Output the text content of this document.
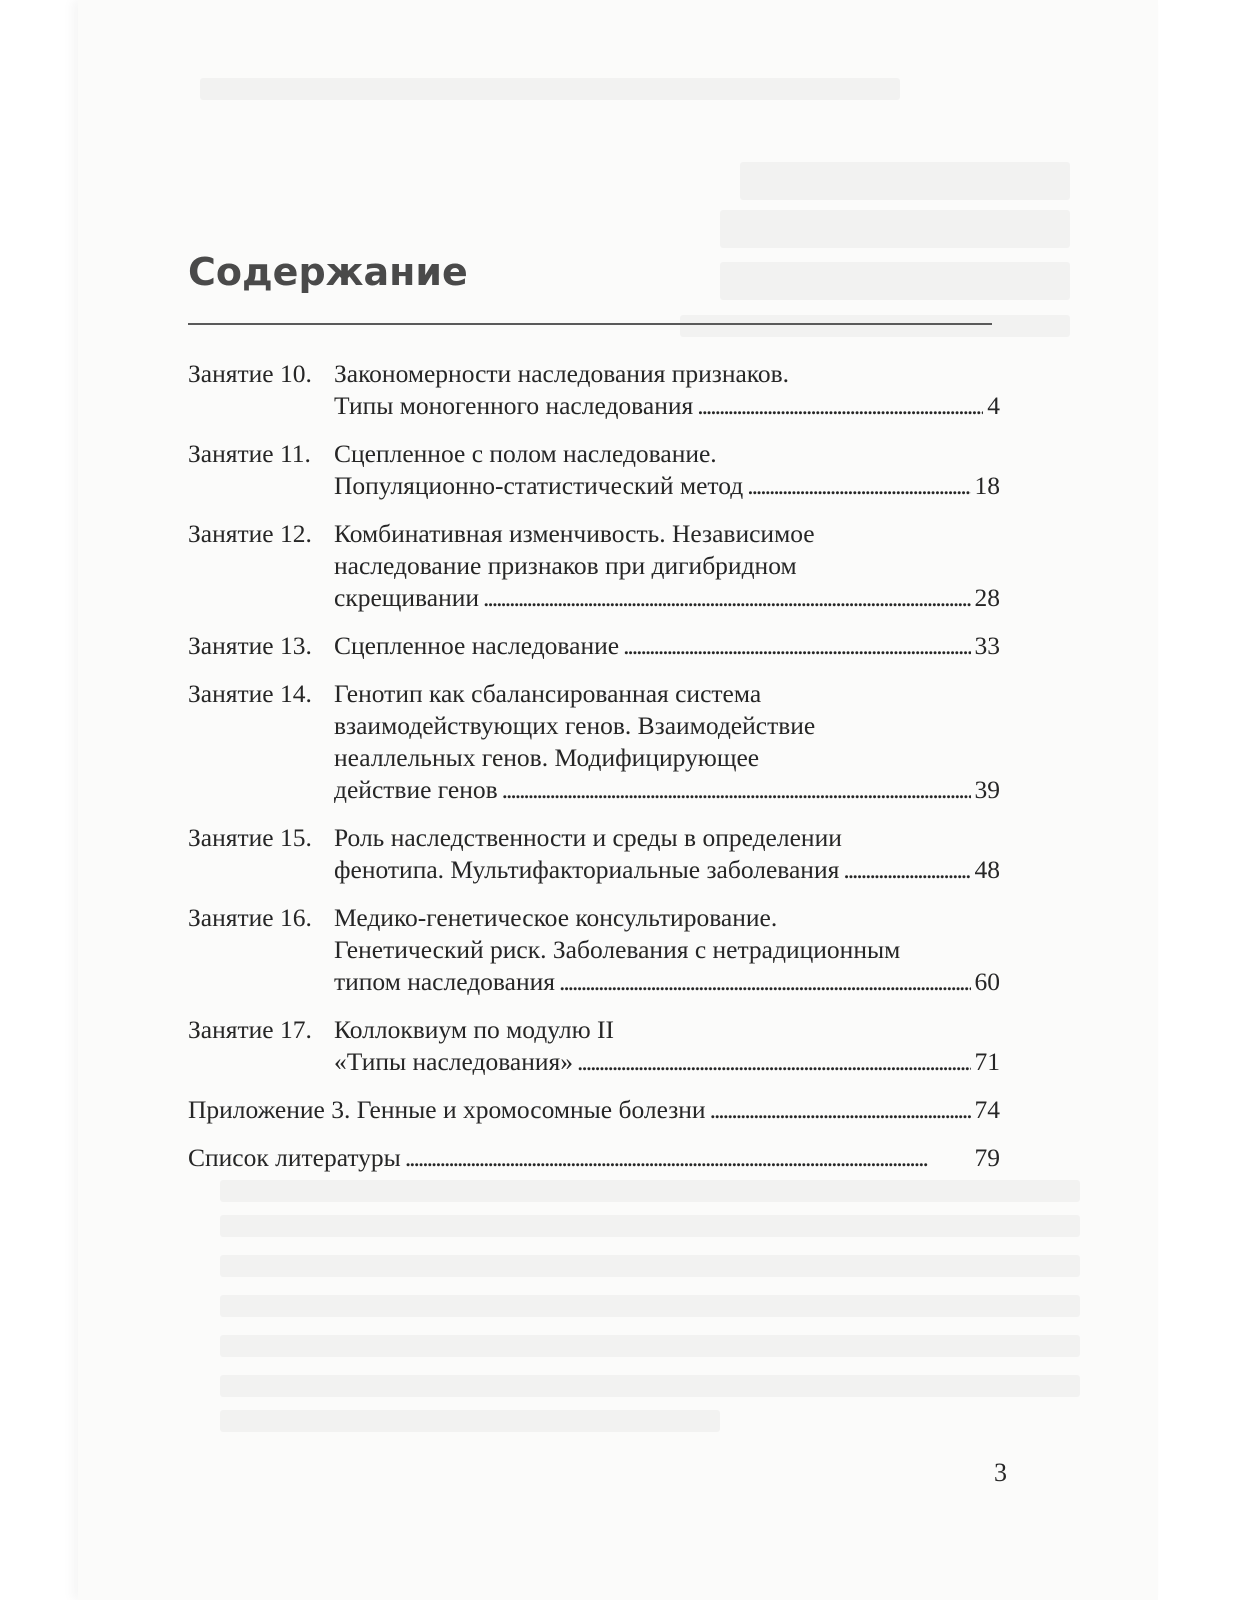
Содержание
Занятие 10. Закономерности наследования признаков.
Типы моногенного наследования . . .	4
Занятие 11. Сцепленное с полом наследование.
Популяционно-статистический метод . . .	18
Занятие 12. Комбинативная изменчивость. Независимое
наследование признаков при дигибридном
скрещивании . . .	28
Занятие 13. Сцепленное наследование . . .	33
Занятие 14. Генотип как сбалансированная система
взаимодействующих генов. Взаимодействие
неаллельных генов. Модифицирующее
действие генов . . .	39
Занятие 15. Роль наследственности и среды в определении
фенотипа. Мультифакториальные заболевания . . .	48
Занятие 16. Медико-генетическое консультирование.
Генетический риск. Заболевания с нетрадиционным
типом наследования . . .	60
Занятие 17. Коллоквиум по модулю II
«Типы наследования» . . .	71
Приложение 3. Генные и хромосомные болезни . . .	74
Список литературы . . .	79
3
